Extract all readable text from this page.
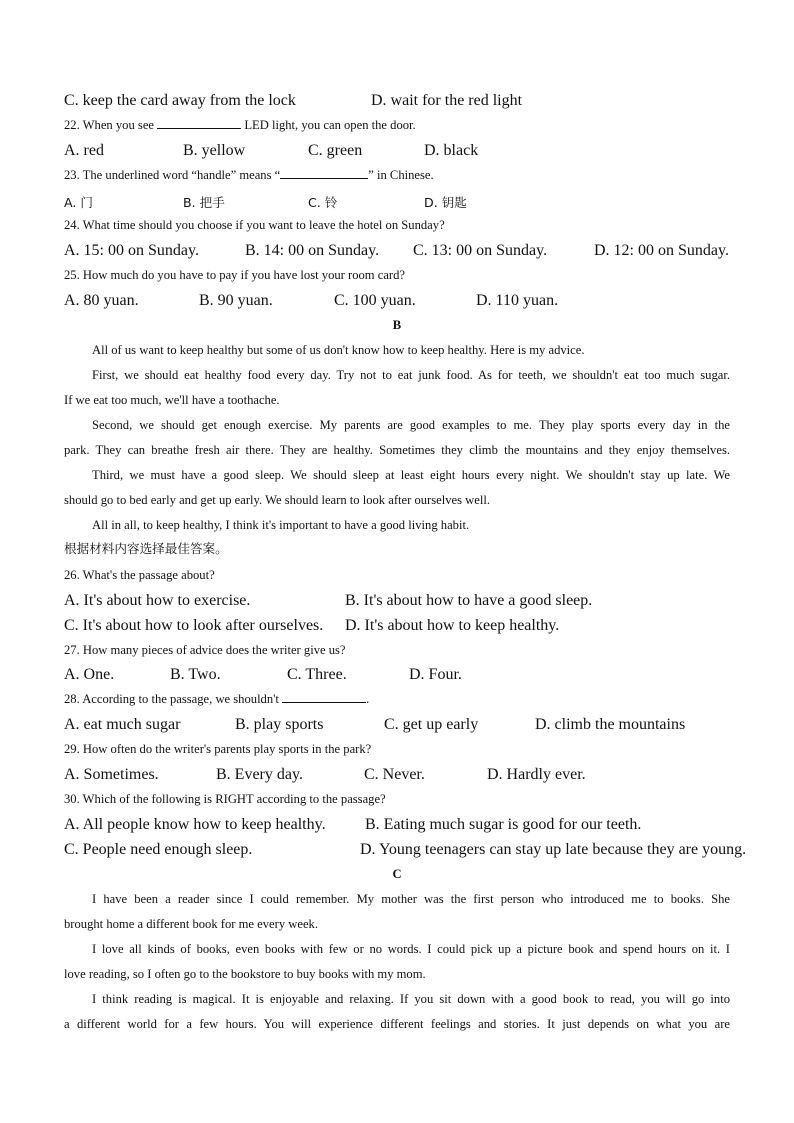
C. keep the card away from the lock	D. wait for the red light
22. When you see	LED light, you can open the door.
A. red	B. yellow	C. green	D. black
23. The underlined word “handle” means “	” in Chinese.
A. 门	B. 把手	C. 铃	D. 钥匙
24. What time should you choose if you want to leave the hotel on Sunday?
A. 15: 00 on Sunday.	B. 14: 00 on Sunday. C. 13: 00 on Sunday.	D. 12: 00 on Sunday.
25. How much do you have to pay if you have lost your room card?
A. 80 yuan.	B. 90 yuan.	C. 100 yuan.	D. 110 yuan.
B
All of us want to keep healthy but some of us don't know how to keep healthy. Here is my advice.
First, we should eat healthy food every day. Try not to eat junk food. As for teeth, we shouldn't eat too much sugar.
If we eat too much, we'll have a toothache.
Second, we should get enough exercise. My parents are good examples to me. They play sports every day in the
park. They can breathe fresh air there. They are healthy. Sometimes they climb the mountains and they enjoy themselves.
Third, we must have a good sleep. We should sleep at least eight hours every night. We shouldn't stay up late. We
should go to bed early and get up early. We should learn to look after ourselves well.
All in all, to keep healthy, I think it's important to have a good living habit.
根据材料内容选择最佳答案。
26. What's the passage about?
A. It's about how to exercise.	B. It's about how to have a good sleep.
C. It's about how to look after ourselves. D. It's about how to keep healthy.
27. How many pieces of advice does the writer give us?
A. One.	B. Two.	C. Three.	D. Four.
28. According to the passage, we shouldn't	.
A. eat much sugar	B. play sports	C. get up early	D. climb the mountains
29. How often do the writer's parents play sports in the park?
A. Sometimes.	B. Every day.	C. Never.	D. Hardly ever.
30. Which of the following is RIGHT according to the passage?
A. All people know how to keep healthy. B. Eating much sugar is good for our teeth.
C. People need enough sleep.	D. Young teenagers can stay up late because they are young.
C
I have been a reader since I could remember. My mother was the first person who introduced me to books. She
brought home a different book for me every week.
I love all kinds of books, even books with few or no words. I could pick up a picture book and spend hours on it. I
love reading, so I often go to the bookstore to buy books with my mom.
I think reading is magical. It is enjoyable and relaxing. If you sit down with a good book to read, you will go into
a different world for a few hours. You will experience different feelings and stories. It just depends on what you are
